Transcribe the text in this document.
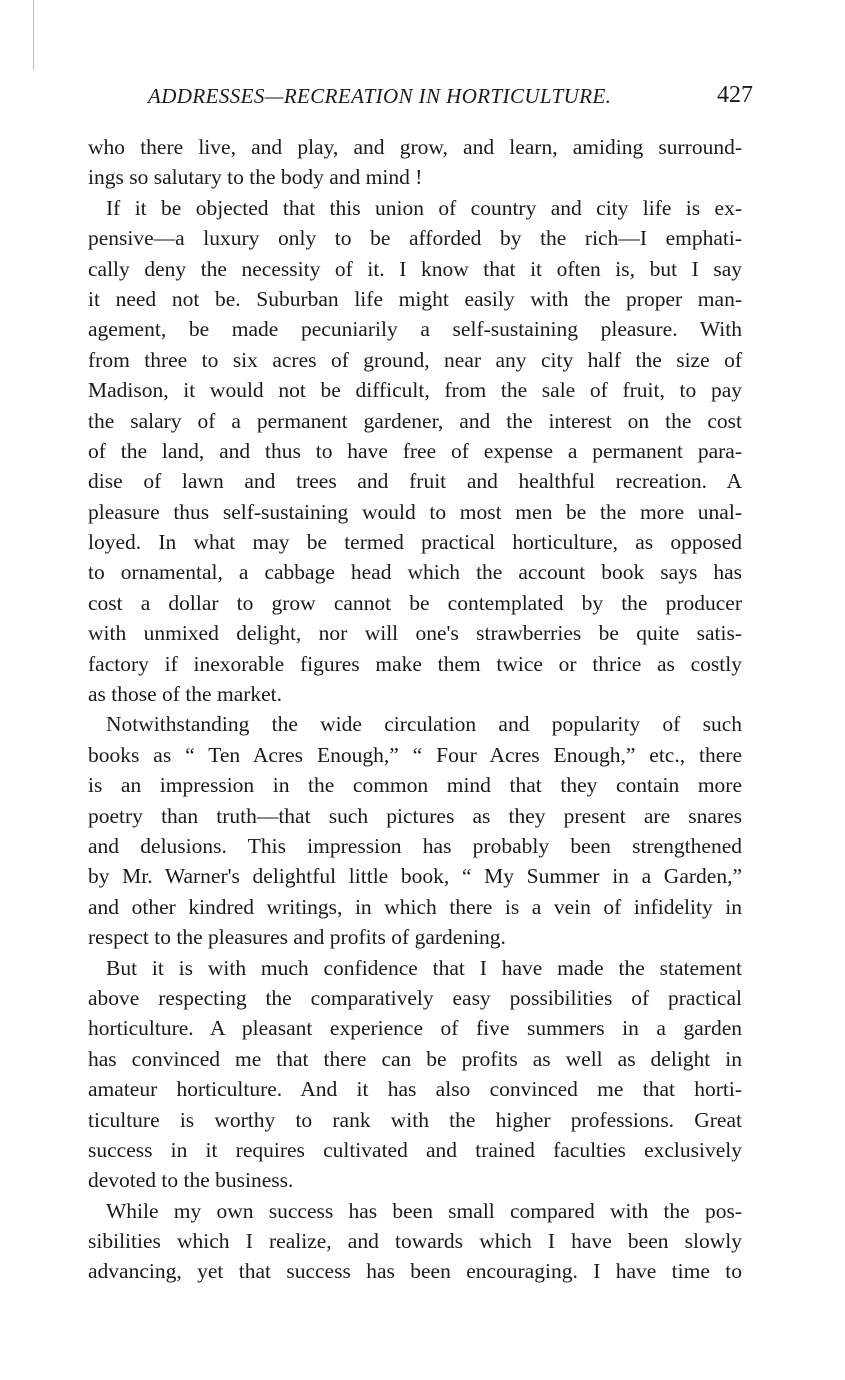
ADDRESSES—RECREATION IN HORTICULTURE.	427

who there live, and play, and grow, and learn, amiding surround-
ings so salutary to the body and mind !

If it be objected that this union of country and city life is ex-
pensive—a luxury only to be afforded by the rich—I emphati-
cally deny the necessity of it. I know that it often is, but I say
it need not be. Suburban life might easily with the proper man-
agement, be made pecuniarily a self-sustaining pleasure. With
from three to six acres of ground, near any city half the size of
Madison, it would not be difficult, from the sale of fruit, to pay
the salary of a permanent gardener, and the interest on the cost
of the land, and thus to have free of expense a permanent para-
dise of lawn and trees and fruit and healthful recreation. A
pleasure thus self-sustaining would to most men be the more unal-
loyed. In what may be termed practical horticulture, as opposed
to ornamental, a cabbage head which the account book says has
cost a dollar to grow cannot be contemplated by the producer
with unmixed delight, nor will one's strawberries be quite satis-
factory if inexorable figures make them twice or thrice as costly
as those of the market.

Notwithstanding the wide circulation and popularity of such
books as “ Ten Acres Enough,” “ Four Acres Enough,” etc., there
is an impression in the common mind that they contain more
poetry than truth—that such pictures as they present are snares
and delusions. This impression has probably been strengthened
by Mr. Warner's delightful little book, “ My Summer in a Garden,”
and other kindred writings, in which there is a vein of infidelity in
respect to the pleasures and profits of gardening.

But it is with much confidence that I have made the statement
above respecting the comparatively easy possibilities of practical
horticulture. A pleasant experience of five summers in a garden
has convinced me that there can be profits as well as delight in
amateur horticulture. And it has also convinced me that horti-
ticulture is worthy to rank with the higher professions. Great
success in it requires cultivated and trained faculties exclusively
devoted to the business.

While my own success has been small compared with the pos-
sibilities which I realize, and towards which I have been slowly
advancing, yet that success has been encouraging. I have time to
